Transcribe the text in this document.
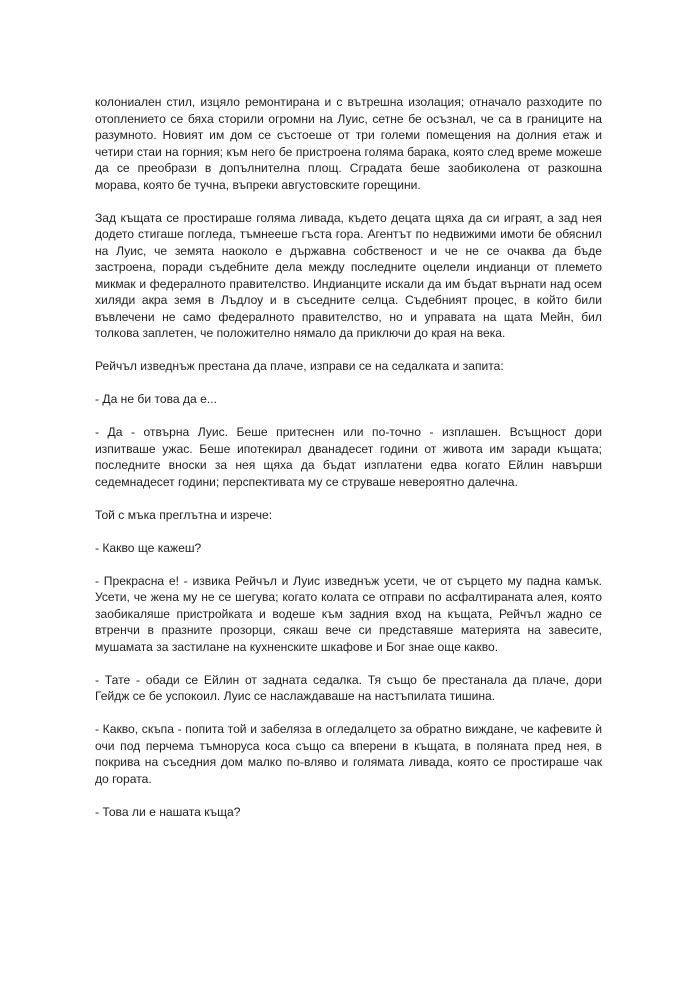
колониален стил, изцяло ремонтирана и с вътрешна изолация; отначало разходите по отоплението се бяха сторили огромни на Луис, сетне бе осъзнал, че са в границите на разумното. Новият им дом се състоеше от три големи помещения на долния етаж и четири стаи на горния; към него бе пристроена голяма барака, която след време можеше да се преобрази в допълнителна площ. Сградата беше заобиколена от разкошна морава, която бе тучна, въпреки августовските горещини.

Зад къщата се простираше голяма ливада, където децата щяха да си играят, а зад нея додето стигаше погледа, тъмнееше гъста гора. Агентът по недвижими имоти бе обяснил на Луис, че земята наоколо е държавна собственост и че не се очаква да бъде застроена, поради съдебните дела между последните оцелели индианци от племето микмак и федералното правителство. Индианците искали да им бъдат върнати над осем хиляди акра земя в Лъдлоу и в съседните селца. Съдебният процес, в който били въвлечени не само федералното правителство, но и управата на щата Мейн, бил толкова заплетен, че положително нямало да приключи до края на века.

Рейчъл изведнъж престана да плаче, изправи се на седалката и запита:

- Да не би това да е...

- Да - отвърна Луис. Беше притеснен или по-точно - изплашен. Всъщност дори изпитваше ужас. Беше ипотекирал дванадесет години от живота им заради къщата; последните вноски за нея щяха да бъдат изплатени едва когато Ейлин навърши седемнадесет години; перспективата му се струваше невероятно далечна.

Той с мъка преглътна и изрече:

- Какво ще кажеш?

- Прекрасна е! - извика Рейчъл и Луис изведнъж усети, че от сърцето му падна камък. Усети, че жена му не се шегува; когато колата се отправи по асфалтираната алея, която заобикаляше пристройката и водеше към задния вход на къщата, Рейчъл жадно се втренчи в празните прозорци, сякаш вече си представяше материята на завесите, мушамата за застилане на кухненските шкафове и Бог знае още какво.

- Тате - обади се Ейлин от задната седалка. Тя също бе престанала да плаче, дори Гейдж се бе успокоил. Луис се наслаждаваше на настъпилата тишина.

- Какво, скъпа - попита той и забеляза в огледалцето за обратно виждане, че кафевите ѝ очи под перчема тъмноруса коса също са вперени в къщата, в поляната пред нея, в покрива на съседния дом малко по-вляво и голямата ливада, която се простираше чак до гората.

- Това ли е нашата къща?
